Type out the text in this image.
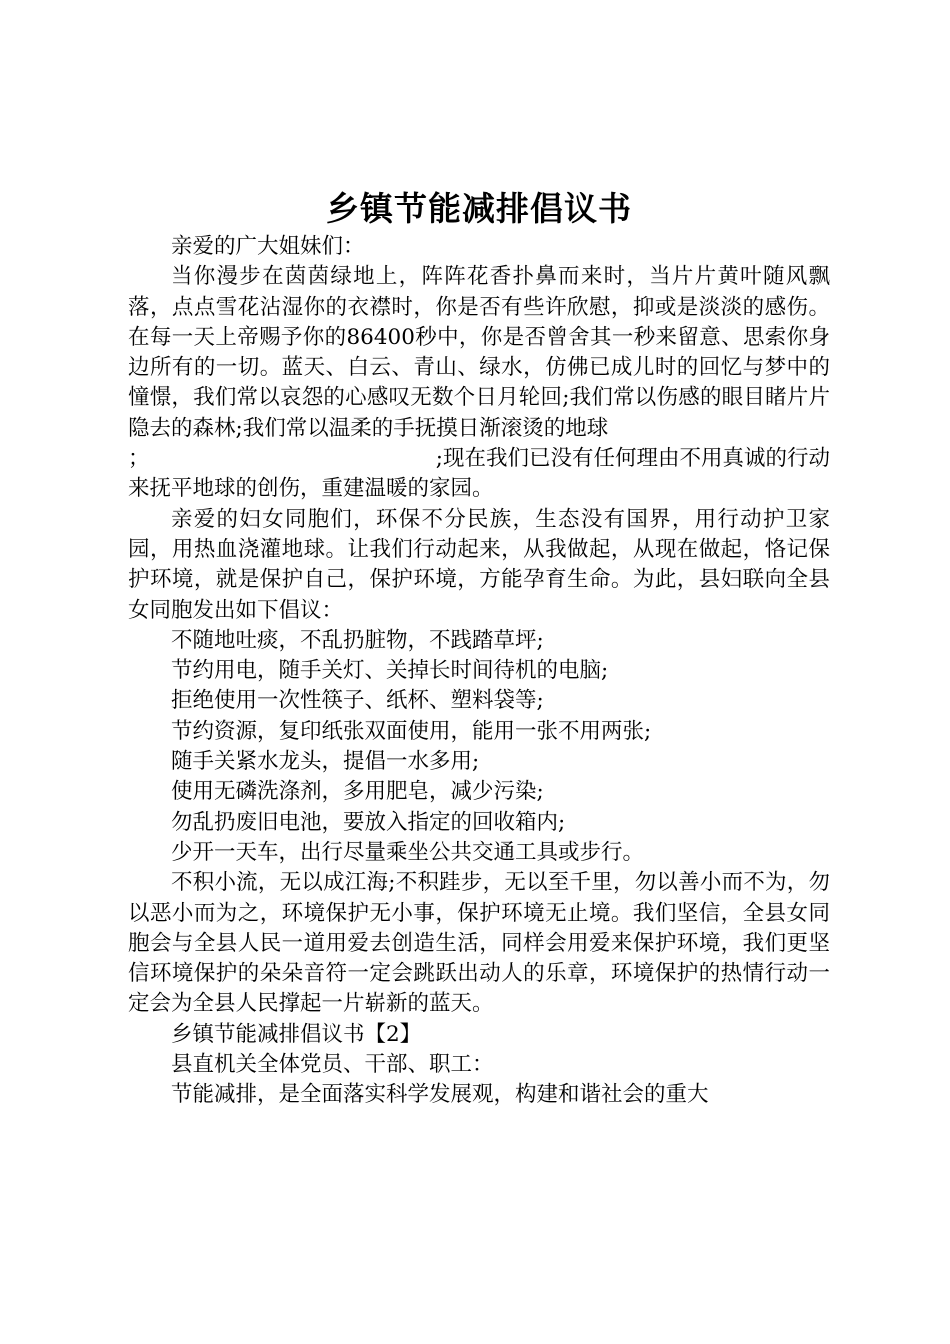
乡镇节能减排倡议书

亲爱的广大姐妹们：

当你漫步在茵茵绿地上，阵阵花香扑鼻而来时，当片片黄叶随风飘落，点点雪花沾湿你的衣襟时，你是否有些许欣慰，抑或是淡淡的感伤。在每一天上帝赐予你的86400秒中，你是否曾舍其一秒来留意、思索你身边所有的一切。蓝天、白云、青山、绿水，仿佛已成儿时的回忆与梦中的憧憬，我们常以哀怨的心感叹无数个日月轮回;我们常以伤感的眼目睹片片隐去的森林;我们常以温柔的手抚摸日渐滚烫的地球

；	;现在我们已没有任何理由不用真诚的行动

来抚平地球的创伤，重建温暖的家园。

亲爱的妇女同胞们，环保不分民族，生态没有国界，用行动护卫家园，用热血浇灌地球。让我们行动起来，从我做起，从现在做起，恪记保护环境，就是保护自己，保护环境，方能孕育生命。为此，县妇联向全县女同胞发出如下倡议：

不随地吐痰，不乱扔脏物，不践踏草坪;

节约用电，随手关灯、关掉长时间待机的电脑;

拒绝使用一次性筷子、纸杯、塑料袋等;

节约资源，复印纸张双面使用，能用一张不用两张;

随手关紧水龙头，提倡一水多用;

使用无磷洗涤剂，多用肥皂，减少污染;

勿乱扔废旧电池，要放入指定的回收箱内;

少开一天车，出行尽量乘坐公共交通工具或步行。

不积小流，无以成江海;不积跬步，无以至千里，勿以善小而不为，勿以恶小而为之，环境保护无小事，保护环境无止境。我们坚信，全县女同胞会与全县人民一道用爱去创造生活，同样会用爱来保护环境，我们更坚信环境保护的朵朵音符一定会跳跃出动人的乐章，环境保护的热情行动一定会为全县人民撑起一片崭新的蓝天。

乡镇节能减排倡议书【2】

县直机关全体党员、干部、职工：

节能减排，是全面落实科学发展观，构建和谐社会的重大
